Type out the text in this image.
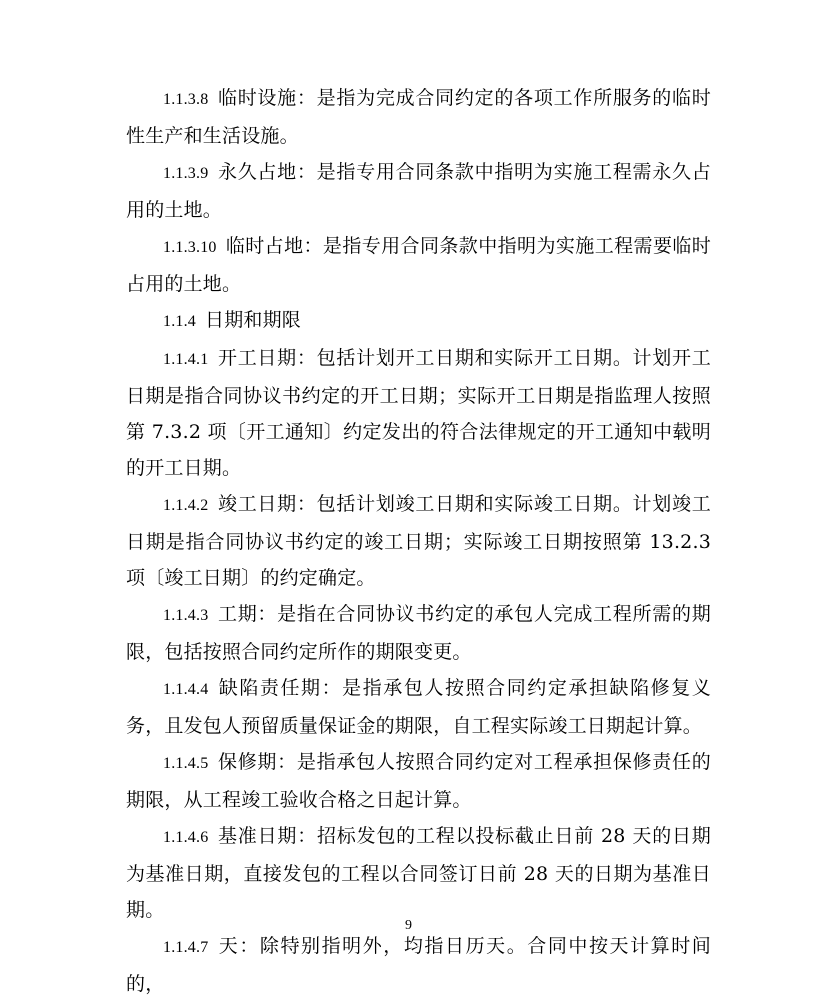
1.1.3.8 临时设施：是指为完成合同约定的各项工作所服务的临时性生产和生活设施。

1.1.3.9 永久占地：是指专用合同条款中指明为实施工程需永久占用的土地。

1.1.3.10 临时占地：是指专用合同条款中指明为实施工程需要临时占用的土地。

1.1.4 日期和期限

1.1.4.1 开工日期：包括计划开工日期和实际开工日期。计划开工日期是指合同协议书约定的开工日期；实际开工日期是指监理人按照第 7.3.2 项〔开工通知〕约定发出的符合法律规定的开工通知中载明的开工日期。

1.1.4.2 竣工日期：包括计划竣工日期和实际竣工日期。计划竣工日期是指合同协议书约定的竣工日期；实际竣工日期按照第 13.2.3 项〔竣工日期〕的约定确定。

1.1.4.3 工期：是指在合同协议书约定的承包人完成工程所需的期限，包括按照合同约定所作的期限变更。

1.1.4.4 缺陷责任期：是指承包人按照合同约定承担缺陷修复义务，且发包人预留质量保证金的期限，自工程实际竣工日期起计算。

1.1.4.5 保修期：是指承包人按照合同约定对工程承担保修责任的期限，从工程竣工验收合格之日起计算。

1.1.4.6 基准日期：招标发包的工程以投标截止日前 28 天的日期为基准日期，直接发包的工程以合同签订日前 28 天的日期为基准日期。

1.1.4.7 天：除特别指明外，均指日历天。合同中按天计算时间的，

9
